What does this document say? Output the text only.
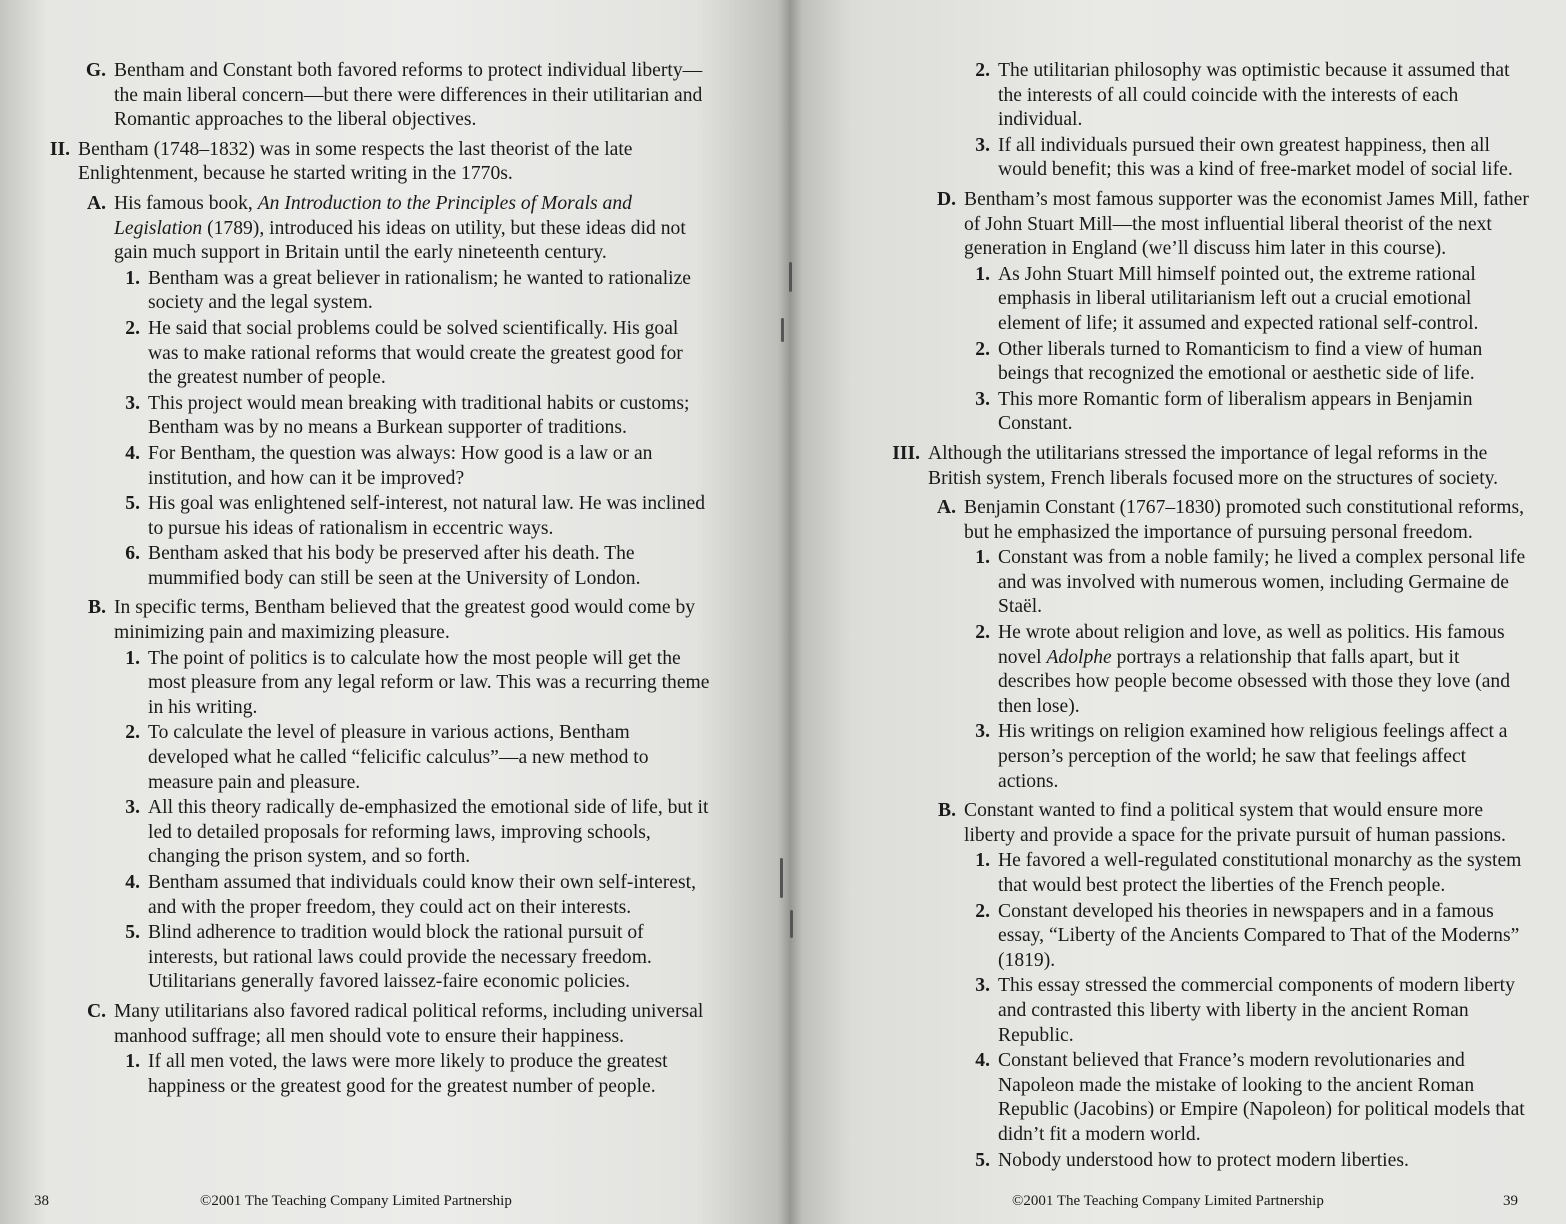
G. Bentham and Constant both favored reforms to protect individual liberty—the main liberal concern—but there were differences in their utilitarian and Romantic approaches to the liberal objectives.
II. Bentham (1748–1832) was in some respects the last theorist of the late Enlightenment, because he started writing in the 1770s.
A. His famous book, An Introduction to the Principles of Morals and Legislation (1789), introduced his ideas on utility, but these ideas did not gain much support in Britain until the early nineteenth century.
1. Bentham was a great believer in rationalism; he wanted to rationalize society and the legal system.
2. He said that social problems could be solved scientifically. His goal was to make rational reforms that would create the greatest good for the greatest number of people.
3. This project would mean breaking with traditional habits or customs; Bentham was by no means a Burkean supporter of traditions.
4. For Bentham, the question was always: How good is a law or an institution, and how can it be improved?
5. His goal was enlightened self-interest, not natural law. He was inclined to pursue his ideas of rationalism in eccentric ways.
6. Bentham asked that his body be preserved after his death. The mummified body can still be seen at the University of London.
B. In specific terms, Bentham believed that the greatest good would come by minimizing pain and maximizing pleasure.
1. The point of politics is to calculate how the most people will get the most pleasure from any legal reform or law. This was a recurring theme in his writing.
2. To calculate the level of pleasure in various actions, Bentham developed what he called “felicific calculus”—a new method to measure pain and pleasure.
3. All this theory radically de-emphasized the emotional side of life, but it led to detailed proposals for reforming laws, improving schools, changing the prison system, and so forth.
4. Bentham assumed that individuals could know their own self-interest, and with the proper freedom, they could act on their interests.
5. Blind adherence to tradition would block the rational pursuit of interests, but rational laws could provide the necessary freedom. Utilitarians generally favored laissez-faire economic policies.
C. Many utilitarians also favored radical political reforms, including universal manhood suffrage; all men should vote to ensure their happiness.
1. If all men voted, the laws were more likely to produce the greatest happiness or the greatest good for the greatest number of people.
38	©2001 The Teaching Company Limited Partnership
2. The utilitarian philosophy was optimistic because it assumed that the interests of all could coincide with the interests of each individual.
3. If all individuals pursued their own greatest happiness, then all would benefit; this was a kind of free-market model of social life.
D. Bentham’s most famous supporter was the economist James Mill, father of John Stuart Mill—the most influential liberal theorist of the next generation in England (we’ll discuss him later in this course).
1. As John Stuart Mill himself pointed out, the extreme rational emphasis in liberal utilitarianism left out a crucial emotional element of life; it assumed and expected rational self-control.
2. Other liberals turned to Romanticism to find a view of human beings that recognized the emotional or aesthetic side of life.
3. This more Romantic form of liberalism appears in Benjamin Constant.
III. Although the utilitarians stressed the importance of legal reforms in the British system, French liberals focused more on the structures of society.
A. Benjamin Constant (1767–1830) promoted such constitutional reforms, but he emphasized the importance of pursuing personal freedom.
1. Constant was from a noble family; he lived a complex personal life and was involved with numerous women, including Germaine de Staël.
2. He wrote about religion and love, as well as politics. His famous novel Adolphe portrays a relationship that falls apart, but it describes how people become obsessed with those they love (and then lose).
3. His writings on religion examined how religious feelings affect a person’s perception of the world; he saw that feelings affect actions.
B. Constant wanted to find a political system that would ensure more liberty and provide a space for the private pursuit of human passions.
1. He favored a well-regulated constitutional monarchy as the system that would best protect the liberties of the French people.
2. Constant developed his theories in newspapers and in a famous essay, “Liberty of the Ancients Compared to That of the Moderns” (1819).
3. This essay stressed the commercial components of modern liberty and contrasted this liberty with liberty in the ancient Roman Republic.
4. Constant believed that France’s modern revolutionaries and Napoleon made the mistake of looking to the ancient Roman Republic (Jacobins) or Empire (Napoleon) for political models that didn’t fit a modern world.
5. Nobody understood how to protect modern liberties.
©2001 The Teaching Company Limited Partnership	39
